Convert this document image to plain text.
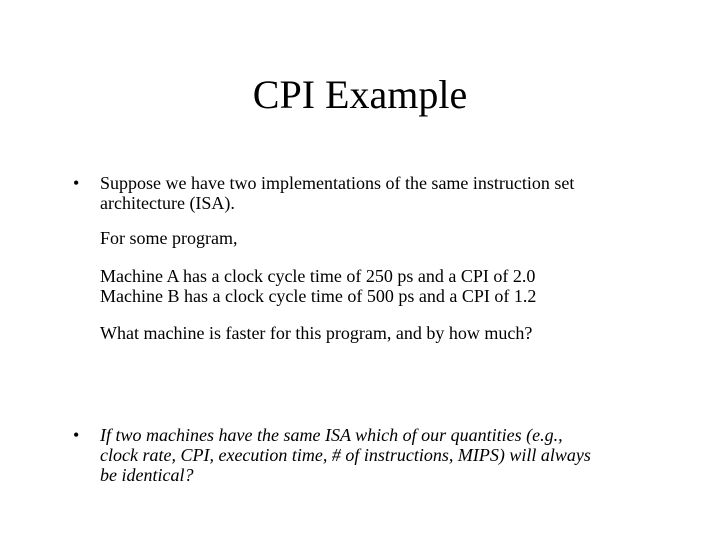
CPI Example
• Suppose we have two implementations of the same instruction set
architecture (ISA).
For some program,
Machine A has a clock cycle time of 250 ps and a CPI of 2.0
Machine B has a clock cycle time of 500 ps and a CPI of 1.2
What machine is faster for this program, and by how much?
• If two machines have the same ISA which of our quantities (e.g.,
clock rate, CPI, execution time, # of instructions, MIPS) will always
be identical?
